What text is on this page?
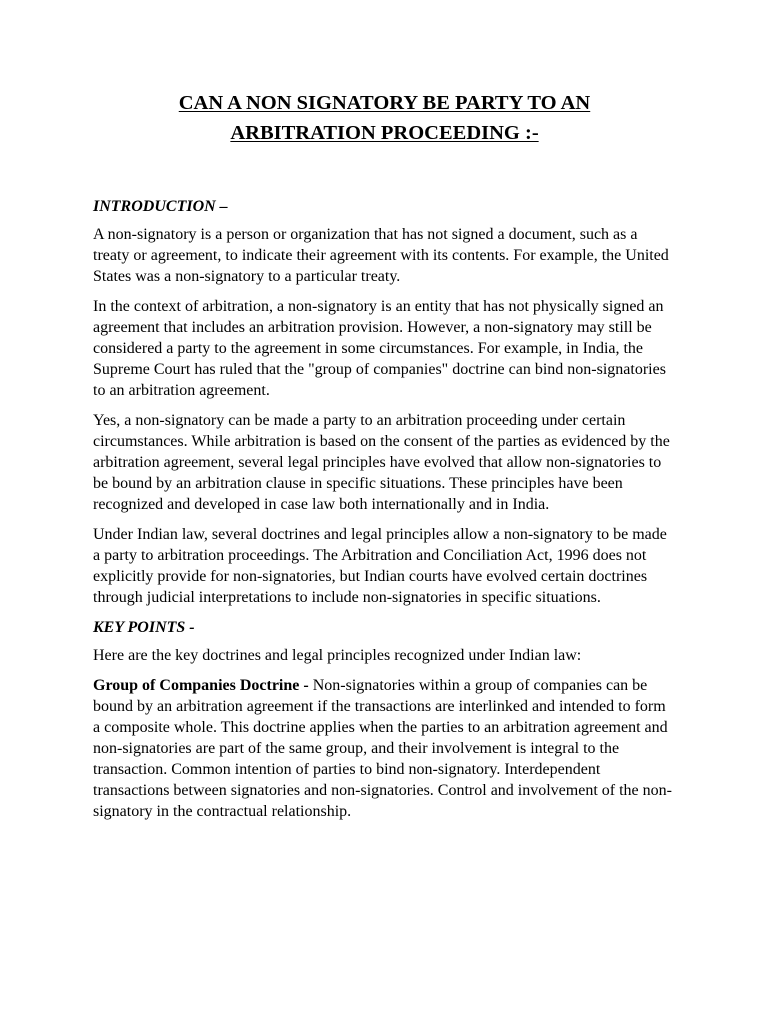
CAN A NON SIGNATORY BE PARTY TO AN
ARBITRATION PROCEEDING :-

INTRODUCTION –

A non-signatory is a person or organization that has not signed a document, such as a treaty or agreement, to indicate their agreement with its contents. For example, the United States was a non-signatory to a particular treaty.

In the context of arbitration, a non-signatory is an entity that has not physically signed an agreement that includes an arbitration provision. However, a non-signatory may still be considered a party to the agreement in some circumstances. For example, in India, the Supreme Court has ruled that the "group of companies" doctrine can bind non-signatories to an arbitration agreement.

Yes, a non-signatory can be made a party to an arbitration proceeding under certain circumstances. While arbitration is based on the consent of the parties as evidenced by the arbitration agreement, several legal principles have evolved that allow non-signatories to be bound by an arbitration clause in specific situations. These principles have been recognized and developed in case law both internationally and in India.

Under Indian law, several doctrines and legal principles allow a non-signatory to be made a party to arbitration proceedings. The Arbitration and Conciliation Act, 1996 does not explicitly provide for non-signatories, but Indian courts have evolved certain doctrines through judicial interpretations to include non-signatories in specific situations.

KEY POINTS -

Here are the key doctrines and legal principles recognized under Indian law:

Group of Companies Doctrine - Non-signatories within a group of companies can be bound by an arbitration agreement if the transactions are interlinked and intended to form a composite whole. This doctrine applies when the parties to an arbitration agreement and non-signatories are part of the same group, and their involvement is integral to the transaction. Common intention of parties to bind non-signatory. Interdependent transactions between signatories and non-signatories. Control and involvement of the non-signatory in the contractual relationship.
